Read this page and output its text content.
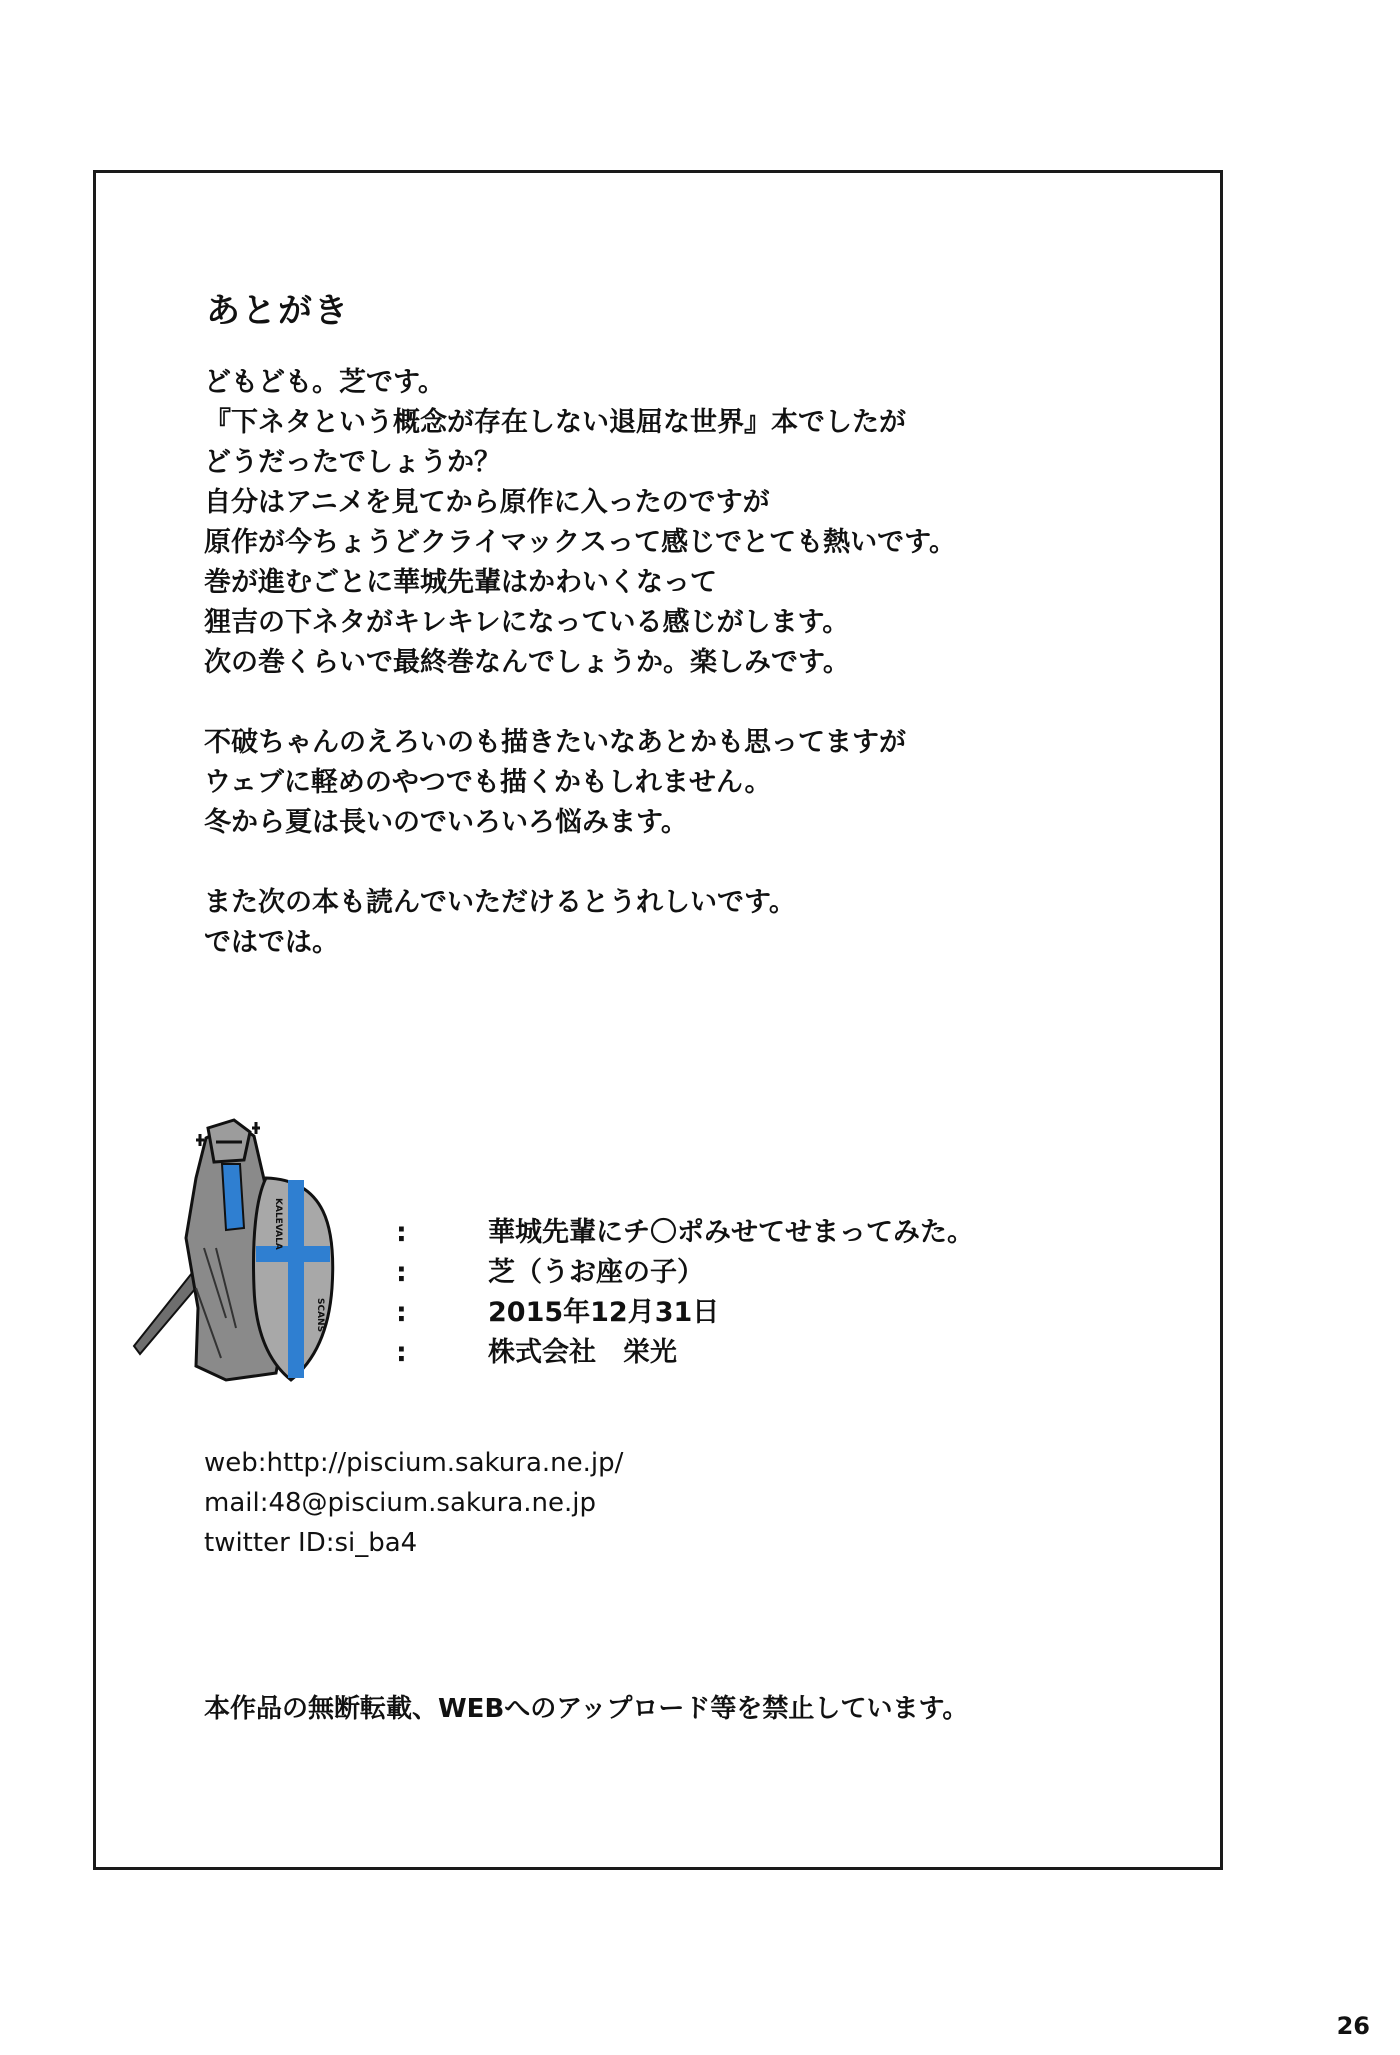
あとがき
どもども。芝です。
『下ネタという概念が存在しない退屈な世界』本でしたが
どうだったでしょうか？
自分はアニメを見てから原作に入ったのですが
原作が今ちょうどクライマックスって感じでとても熱いです。
巻が進むごとに華城先輩はかわいくなって
狸吉の下ネタがキレキレになっている感じがします。
次の巻くらいで最終巻なんでしょうか。楽しみです。
不破ちゃんのえろいのも描きたいなあとかも思ってますが
ウェブに軽めのやつでも描くかもしれません。
冬から夏は長いのでいろいろ悩みます。
また次の本も読んでいただけるとうれしいです。
ではでは。
KALEVALA
SCANS
:	華城先輩にチ〇ポみせてせまってみた。
:	芝（うお座の子）
:	2015年12月31日
:	株式会社　栄光
web:http://piscium.sakura.ne.jp/
mail:48@piscium.sakura.ne.jp
twitter ID:si_ba4
本作品の無断転載、WEBへのアップロード等を禁止しています。
26
